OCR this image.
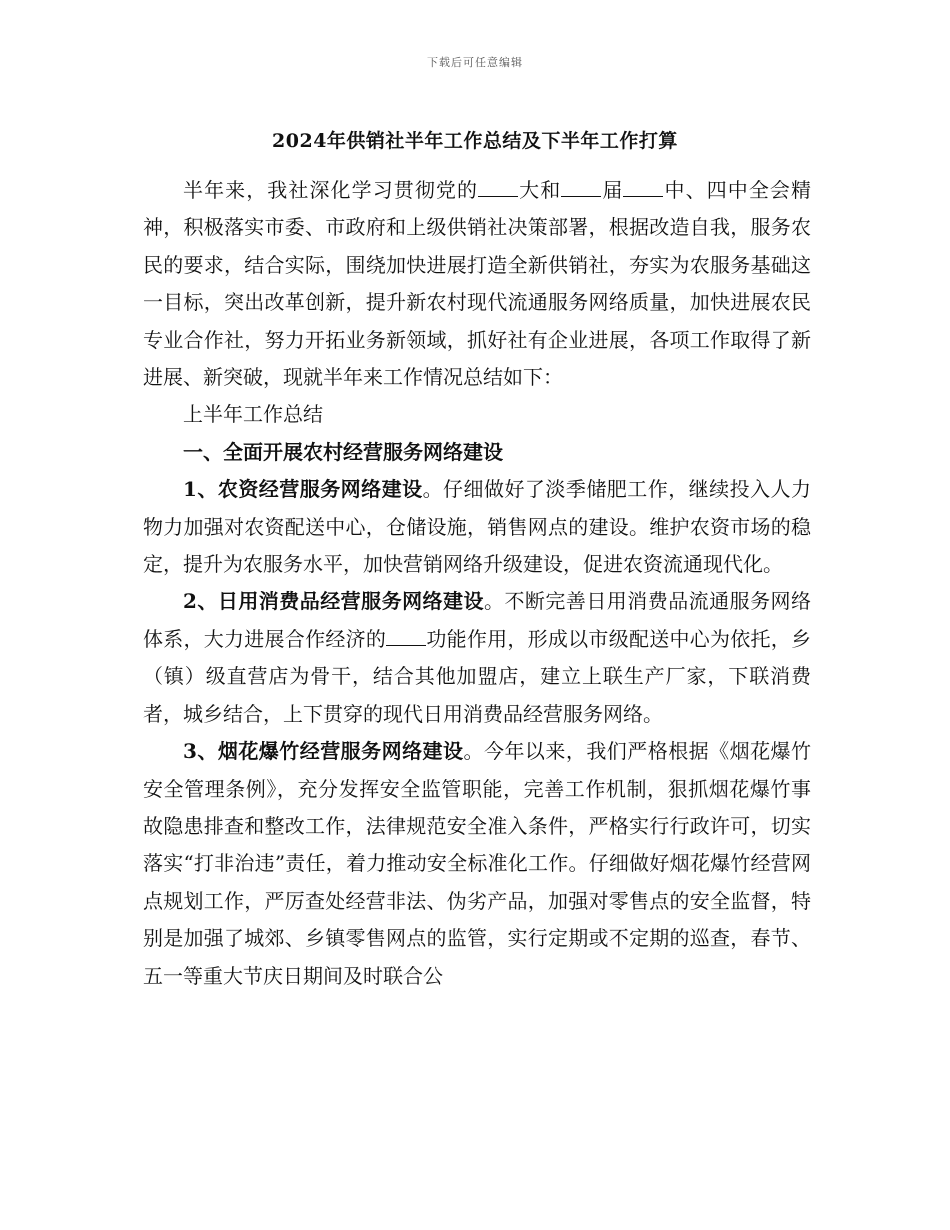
下载后可任意编辑
2024年供销社半年工作总结及下半年工作打算

半年来，我社深化学习贯彻党的 大和 届 中、四中全会精神，积极落实市委、市政府和上级供销社决策部署，根据改造自我，服务农民的要求，结合实际，围绕加快进展打造全新供销社，夯实为农服务基础这一目标，突出改革创新，提升新农村现代流通服务网络质量，加快进展农民专业合作社，努力开拓业务新领域，抓好社有企业进展，各项工作取得了新进展、新突破，现就半年来工作情况总结如下：

上半年工作总结

一、全面开展农村经营服务网络建设

1、农资经营服务网络建设。仔细做好了淡季储肥工作，继续投入人力物力加强对农资配送中心，仓储设施，销售网点的建设。维护农资市场的稳定，提升为农服务水平，加快营销网络升级建设，促进农资流通现代化。

2、日用消费品经营服务网络建设。不断完善日用消费品流通服务网络体系，大力进展合作经济的 功能作用，形成以市级配送中心为依托，乡（镇）级直营店为骨干，结合其他加盟店，建立上联生产厂家，下联消费者，城乡结合，上下贯穿的现代日用消费品经营服务网络。

3、烟花爆竹经营服务网络建设。今年以来，我们严格根据《烟花爆竹安全管理条例》，充分发挥安全监管职能，完善工作机制，狠抓烟花爆竹事故隐患排查和整改工作，法律规范安全准入条件，严格实行行政许可，切实落实“打非治违”责任，着力推动安全标准化工作。仔细做好烟花爆竹经营网点规划工作，严厉查处经营非法、伪劣产品，加强对零售点的安全监督，特别是加强了城郊、乡镇零售网点的监管，实行定期或不定期的巡查，春节、五一等重大节庆日期间及时联合公
